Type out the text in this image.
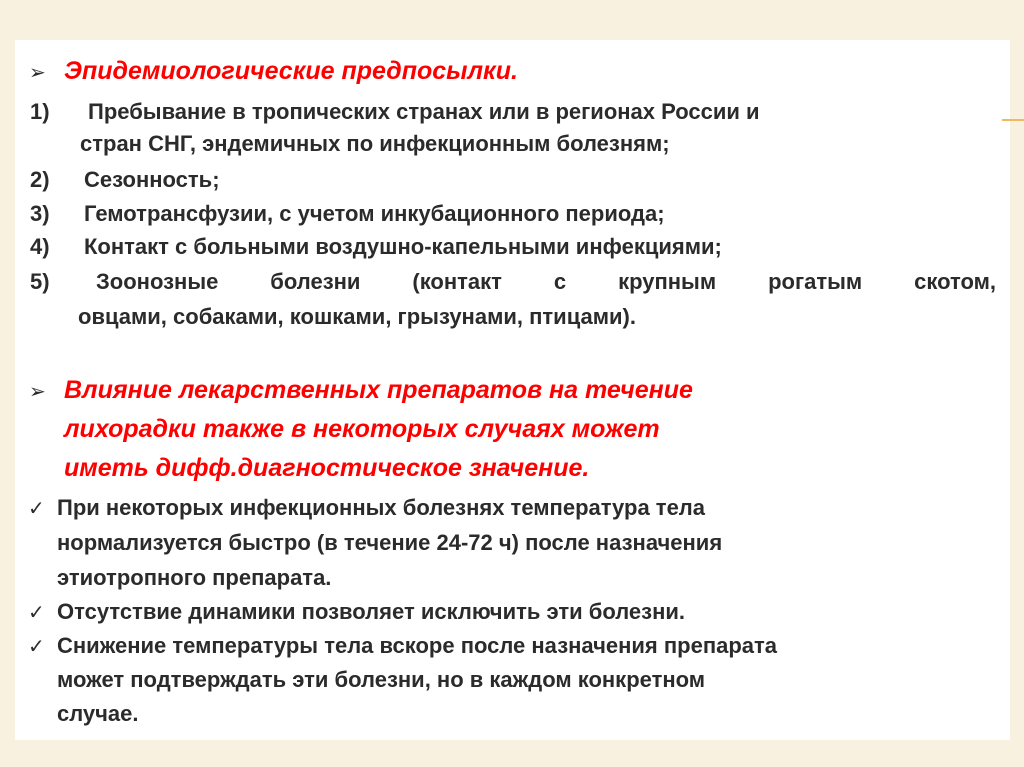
➢ Эпидемиологические предпосылки.
1) Пребывание в тропических странах или в регионах России и
стран СНГ, эндемичных по инфекционным болезням;
2) Сезонность;
3) Гемотрансфузии, с учетом инкубационного периода;
4) Контакт с больными воздушно-капельными инфекциями;
5) Зоонозные болезни (контакт с крупным рогатым скотом,
овцами, собаками, кошками, грызунами, птицами).
➢ Влияние лекарственных препаратов на течение
лихорадки также в некоторых случаях может
иметь дифф.диагностическое значение.
✓ При некоторых инфекционных болезнях температура тела
нормализуется быстро (в течение 24-72 ч) после назначения
этиотропного препарата.
✓ Отсутствие динамики позволяет исключить эти болезни.
✓ Снижение температуры тела вскоре после назначения препарата
может подтверждать эти болезни, но в каждом конкретном
случае.
